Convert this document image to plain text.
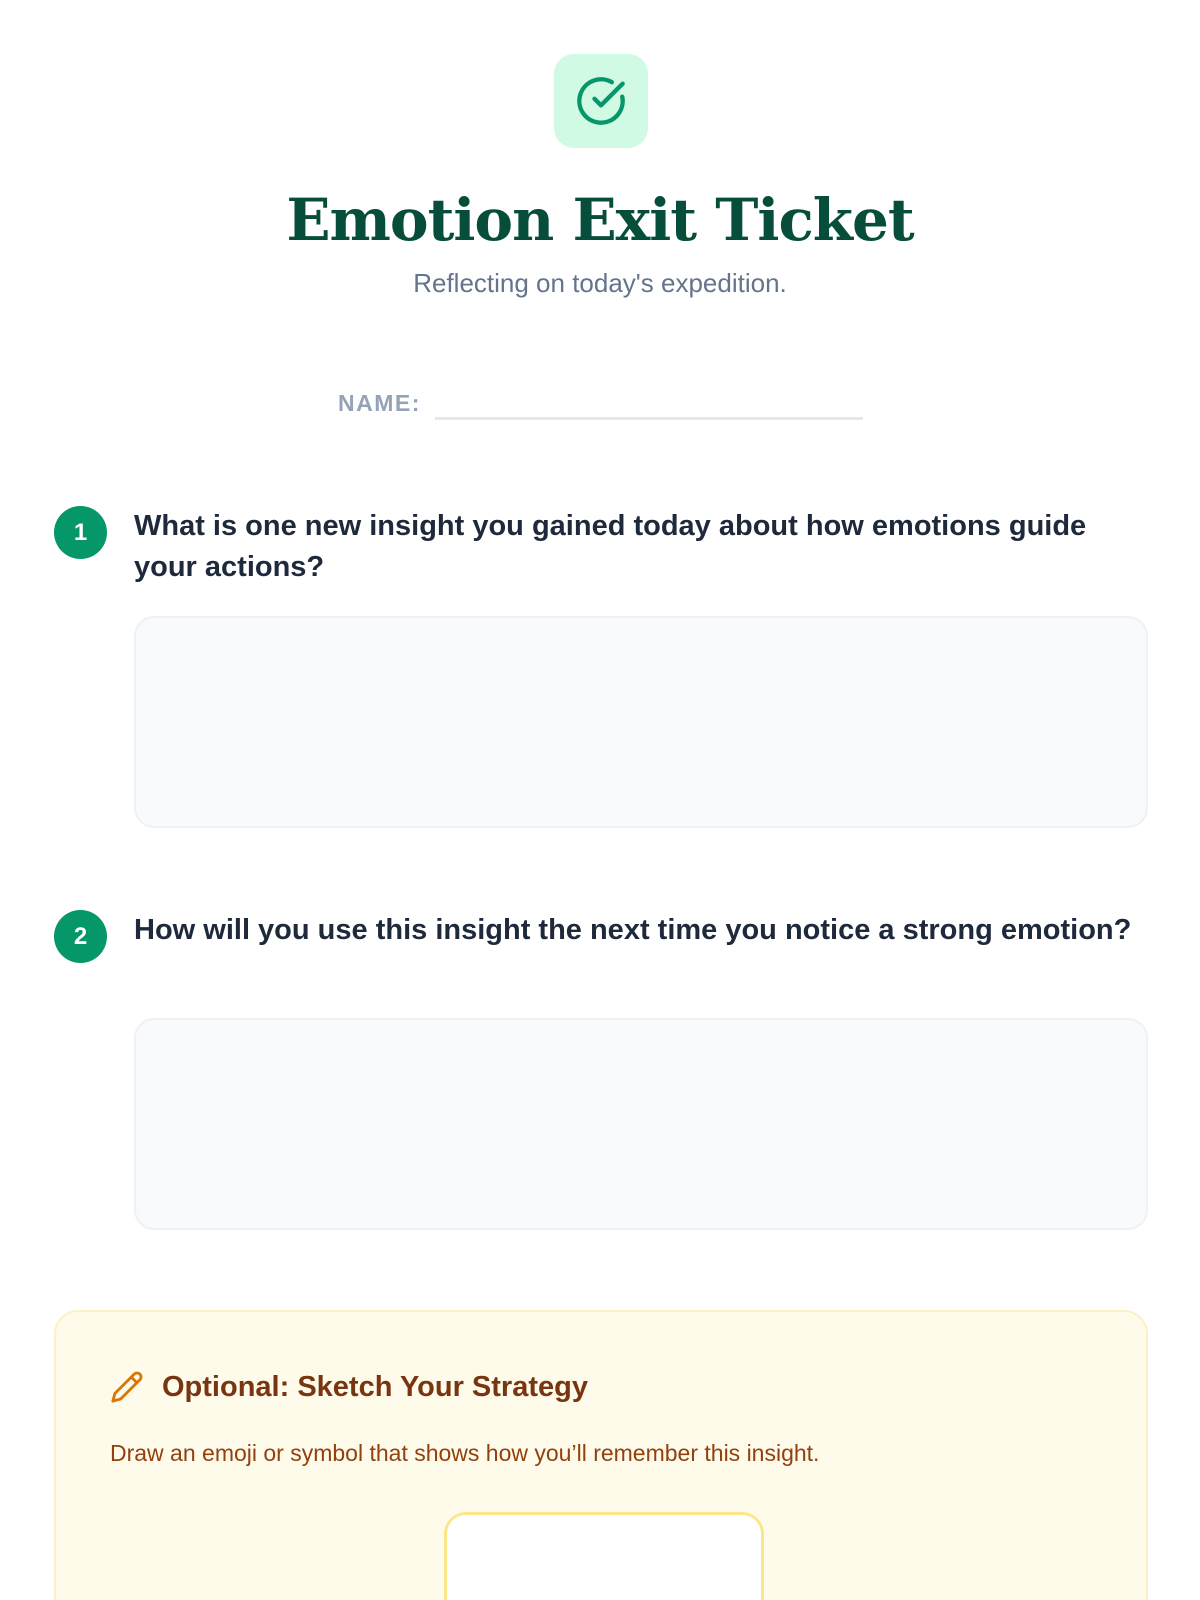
Emotion Exit Ticket

Reflecting on today's expedition.

NAME:
1	What is one new insight you gained today about how emotions guide your actions?
2	How will you use this insight the next time you notice a strong emotion?
Optional: Sketch Your Strategy

Draw an emoji or symbol that shows how you’ll remember this insight.
